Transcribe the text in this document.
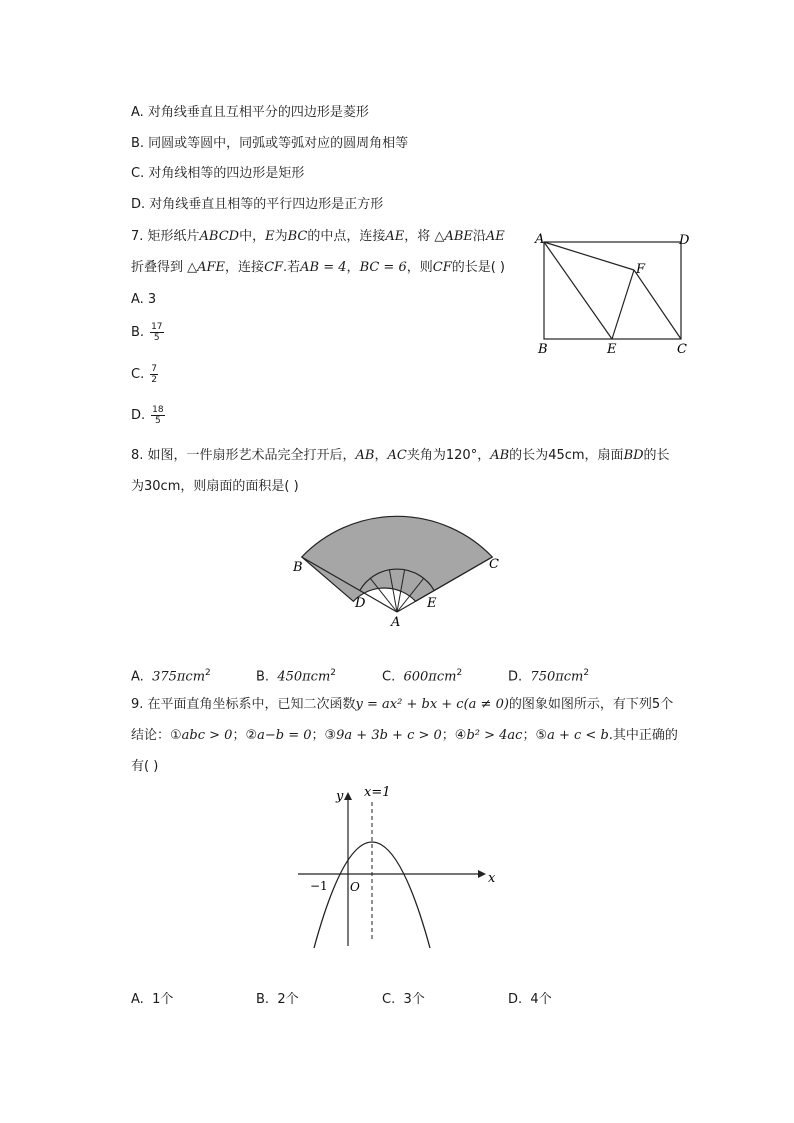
A. 对角线垂直且互相平分的四边形是菱形
B. 同圆或等圆中，同弧或等弧对应的圆周角相等
C. 对角线相等的四边形是矩形
D. 对角线垂直且相等的平行四边形是正方形
7. 矩形纸片ABCD中，E为BC的中点，连接AE，将 △ABE沿AE
折叠得到 △AFE，连接CF.若AB = 4，BC = 6，则CF的长是( )
A. 3
B. $\frac{17}{5}$
C. $\frac{7}{2}$
D. $\frac{18}{5}$
A	D
F
B	E	C
8. 如图，一件扇形艺术品完全打开后，AB，AC夹角为120°，AB的长为45cm，扇面BD的长
为30cm，则扇面的面积是( )
B	C
D	E
A
A. 375πcm$^2$	B. 450πcm$^2$	C. 600πcm$^2$	D. 750πcm$^2$
9. 在平面直角坐标系中，已知二次函数y = ax² + bx + c(a ≠ 0)的图象如图所示，有下列5个
结论：①abc > 0；②a−b = 0；③9a + 3b + c > 0；④b² > 4ac；⑤a + c < b.其中正确的
有( )
y x=1
x
−1 O
A. 1个	B. 2个	C. 3个	D. 4个
